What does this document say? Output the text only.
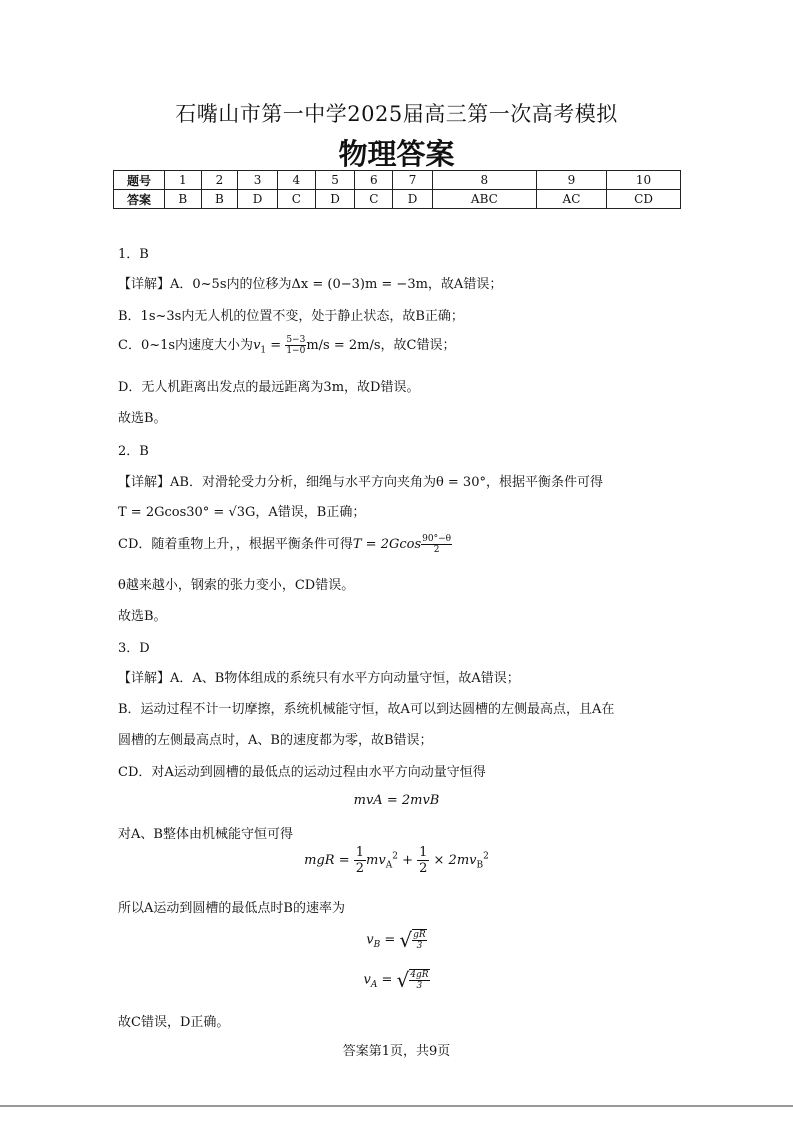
石嘴山市第一中学2025届高三第一次高考模拟
物理答案
题号	1	2	3	4	5	6	7	8	9	10
答案	B	B	D	C	D	C	D	ABC	AC	CD
1．B
【详解】A．0~5s内的位移为Δx = (0−3)m = −3m，故A错误；
B．1s~3s内无人机的位置不变，处于静止状态，故B正确；
C．0~1s内速度大小为$v_1 = \frac{5-3}{1-0} m/s = 2m/s$，故C错误；
D．无人机距离出发点的最远距离为3m，故D错误。
故选B。
2．B
【详解】AB．对滑轮受力分析，细绳与水平方向夹角为θ = 30°，根据平衡条件可得
T = 2Gcos30° = √3G，A错误，B正确；
CD．随着重物上升，，根据平衡条件可得$T = 2Gcos \frac{90^\circ-\theta}{2}$
θ越来越小，钢索的张力变小，CD错误。
故选B。
3．D
【详解】A．A、B物体组成的系统只有水平方向动量守恒，故A错误；
B．运动过程不计一切摩擦，系统机械能守恒，故A可以到达圆槽的左侧最高点，且A在
圆槽的左侧最高点时，A、B的速度都为零，故B错误；
CD．对A运动到圆槽的最低点的运动过程由水平方向动量守恒得
mvA = 2mvB
对A、B整体由机械能守恒可得
mgR = $\frac{1}{2} mv_A^2 + \frac{1}{2} \times 2mv_B^2$
所以A运动到圆槽的最低点时B的速率为
$v_B$ = √ $\frac{gR}{3}$
$v_A$ = √ $\frac{4gR}{3}$
故C错误，D正确。
答案第1页，共9页
